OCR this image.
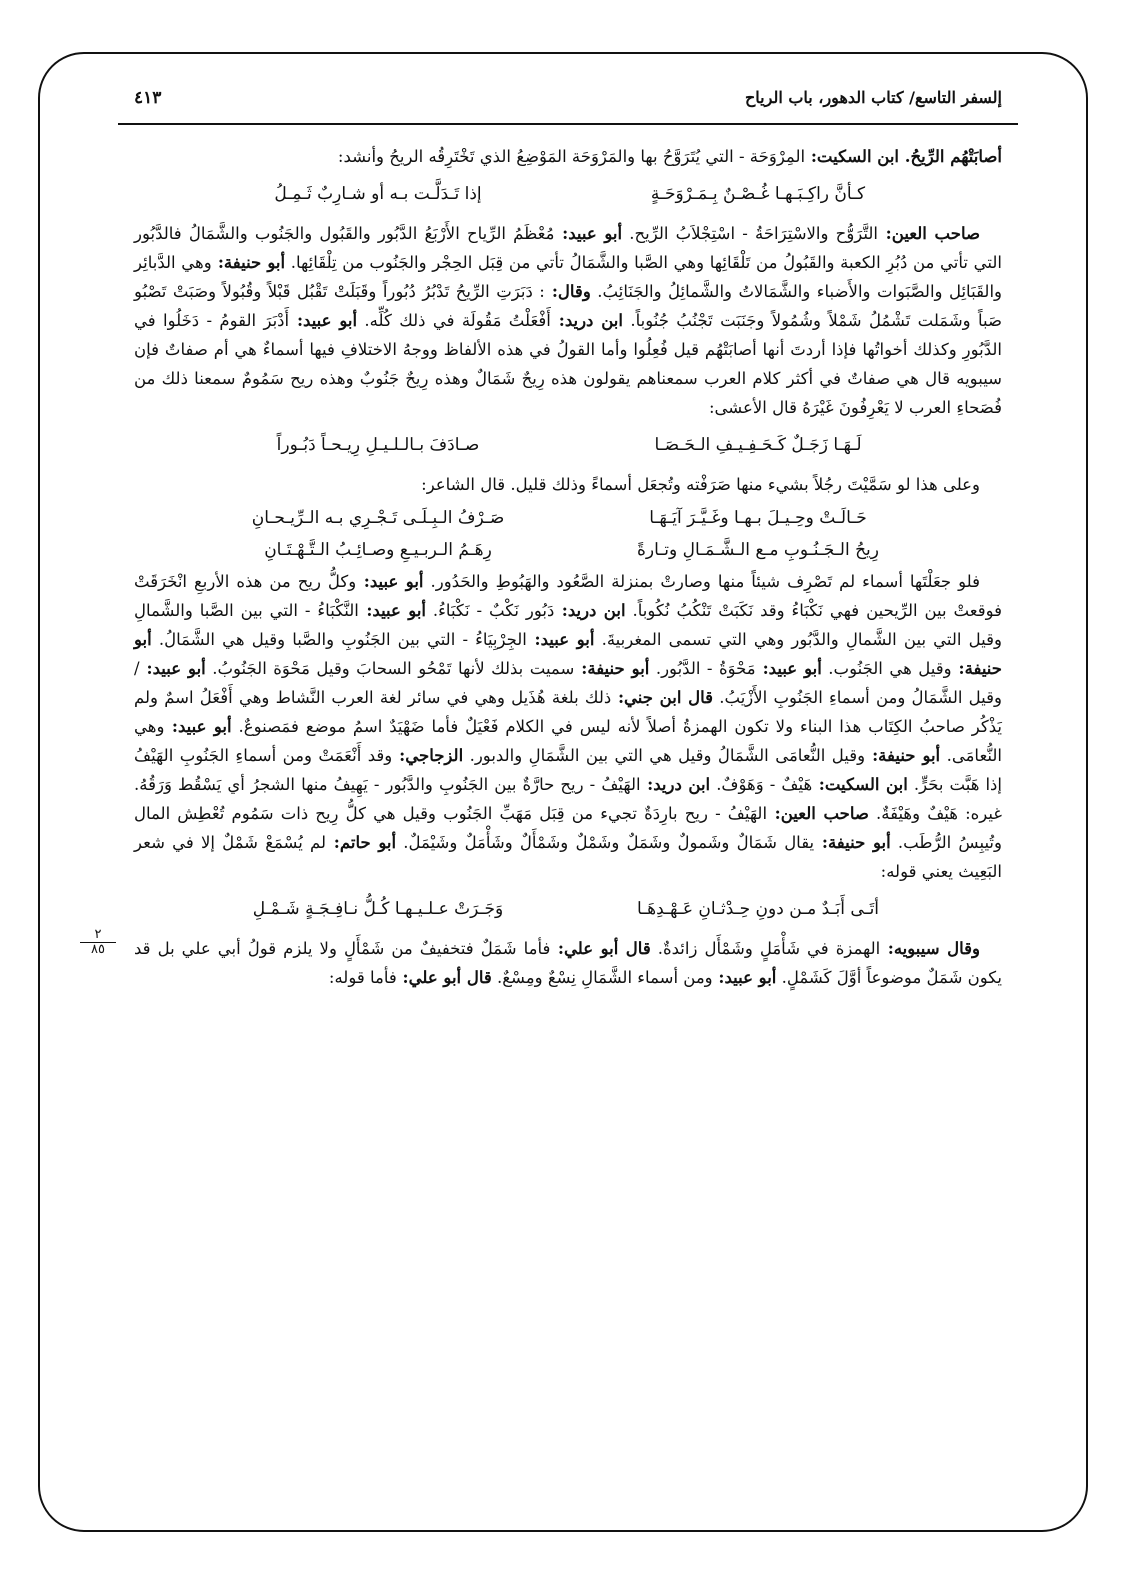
إلسفر التاسع/ كتاب الدهور، باب الرياح
٤١٣
٢
٨٥

أصابَتْهُم الرِّيحُ. ابن السكيت: المِرْوَحَة - التي يُتَرَوَّحُ بها والمَرْوَحَة المَوْضِعُ الذي تَخْتَرِقُه الريحُ وأنشد:

كـأنَّ راكِـبَـهـا غُـصْـنٌ بِـمَـرْوَحَـةٍ
إذا تَـدَلَّـت بـه أو شـارِبٌ ثَـمِـلُ

صاحب العين: التَّرَوُّح والاسْتِرَاحَةُ - اسْتِجْلاَبُ الرِّيح. أبو عبيد: مُعْظَمُ الرِّياح الأَرْبَعُ الدَّبُور والقَبُول والجَنُوب والشَّمَالُ فالدَّبُور التي تأتي من دُبُرِ الكعبة والقَبُولُ من تَلْقَائِها وهي الصَّبا والشَّمَالُ تأتي من قِبَل الحِجْر والجَنُوب من تِلْقَائِها. أبو حنيفة: وهي الدَّبائِر والقَبَائِل والصَّبَوات والأَضباء والشَّمَالاتُ والشَّمائِلُ والجَنَائِبُ. وقال: : دَبَرَتِ الرِّيحُ تَدْبُرُ دُبُوراً وقَبَلَتْ تَقْبُل قَبْلاً وقُبُولاً وصَبَتْ تَصْبُو صَباً وشَمَلت تَشْمُلُ شَمْلاً وشُمُولاً وجَنَبَت تَجْنُبُ جُنُوباً. ابن دريد: أَفْعَلْتُ مَقُولَة في ذلك كُلِّه. أبو عبيد: أَدْبَرَ القومُ - دَخَلُوا في الدَّبُورِ وكذلك أخواتُها فإذا أردتَ أنها أصابَتْهُم قيل فُعِلُوا وأما القولُ في هذه الألفاظ ووجهُ الاختلافِ فيها أسماءٌ هي أم صفاتٌ فإن سيبويه قال هي صفاتٌ في أكثر كلام العرب سمعناهم يقولون هذه رِيحٌ شَمَالٌ وهذه رِيحٌ جَنُوبٌ وهذه ريح سَمُومٌ سمعنا ذلك من فُصَحاءِ العرب لا يَعْرِفُونَ غَيْرَهُ قال الأعشى:

لَـهَـا زَجَـلٌ كَـحَـفِـيـفِ الـحَـصَـا
صـادَفَ بـالـلـيـلِ رِيـحـاً دَبُـوراً

وعلى هذا لو سَمَّيْتَ رجُلاً بشيء منها صَرَفْته وتُجعَل أسماءً وذلك قليل. قال الشاعر:

حَـالَـتْ وحِـيـلَ بـهـا وغَـيَّـرَ آيَـهَـا
صَـرْفُ الـبِـلَـى تَـجْـرِي بـه الـرِّيـحـانِ
رِيحُ الـجَـنُـوبِ مـع الـشَّـمَـالِ وتـارةً
رِهَـمُ الـربـيـعِ وصـائِـبُ الـتَّـهْـتَـانِ

فلو جعَلْتَها أسماء لم تَصْرِف شيئاً منها وصارتْ بمنزلة الصَّعُود والهَبُوطِ والحَدُور. أبو عبيد: وكلُّ ريح من هذه الأربعِ انْخَرَقَتْ فوقعتْ بين الرِّيحين فهي نَكْبَاءُ وقد نَكَبَتْ تَنْكُبُ نُكُوباً. ابن دريد: دَبُور نَكْبٌ - نَكْبَاءُ. أبو عبيد: النَّكْبَاءُ - التي بين الصَّبا والشَّمالِ وقيل التي بين الشَّمالِ والدَّبُور وهي التي تسمى المغربيةَ. أبو عبيد: الجِرْبِيَاءُ - التي بين الجَنُوبِ والصَّبا وقيل هي الشَّمَالُ. أبو حنيفة: وقيل هي الجَنُوب. أبو عبيد: مَحْوَةُ - الدَّبُور. أبو حنيفة: سميت بذلك لأنها تَمْحُو السحابَ وقيل مَحْوَة الجَنُوبُ. أبو عبيد: / وقيل الشَّمَالُ ومن أسماءِ الجَنُوبِ الأَزْيَبُ. قال ابن جني: ذلك بلغة هُذَيل وهي في سائر لغة العرب النَّشاط وهي أَفْعَلُ اسمٌ ولم يَذْكُر صاحبُ الكِتَاب هذا البناء ولا تكون الهمزةُ أصلاً لأنه ليس في الكلام فَعْيَلٌ فأما ضَهْيَدٌ اسمُ موضع فمَصنوعٌ. أبو عبيد: وهي النُّعامَى. أبو حنيفة: وقيل النُّعامَى الشَّمَالُ وقيل هي التي بين الشَّمَالِ والدبور. الزجاجي: وقد أَنْعَمَتْ ومن أسماءِ الجَنُوبِ الهَيْفُ إذا هَبَّت بحَرٍّ. ابن السكيت: هَيْفٌ - وَهَوْفٌ. ابن دريد: الهَيْفُ - ريح حارَّةٌ بين الجَنُوبِ والدَّبُور - يَهِيفُ منها الشجرُ أي يَسْقُط وَرَقُهُ. غيره: هَيْفٌ وهَيْفَةٌ. صاحب العين: الهَيْفُ - ريح بارِدَةٌ تجيء من قِبَل مَهَبِّ الجَنُوب وقيل هي كلُّ رِيح ذات سَمُوم تُعْطِش المال وتُيبِسُ الرُّطَب. أبو حنيفة: يقال شَمَالٌ وشَمولٌ وشَمَلٌ وشَمْلٌ وشَمْأَلٌ وشَأْمَلٌ وشَيْمَلٌ. أبو حاتم: لم يُسْمَعْ شَمْلٌ إلا في شعر البَعِيث يعني قوله:

أتَـى أَبَـدٌ مـن دونِ حِـدْثـانِ عَـهْـدِهَـا
وَجَـرَتْ عـلـيـهـا كُـلُّ نـافِـجَـةٍ شَـمْـلِ

وقال سيبويه: الهمزة في شَأْمَلٍ وشَمْأَل زائدةٌ. قال أبو علي: فأما شَمَلٌ فتخفيفٌ من شَمْأَلٍ ولا يلزم قولُ أبي علي بل قد يكون شَمَلٌ موضوعاً أوَّلَ كَشَمْلٍ. أبو عبيد: ومن أسماء الشَّمَالِ نِسْعٌ ومِسْعٌ. قال أبو علي: فأما قوله:
